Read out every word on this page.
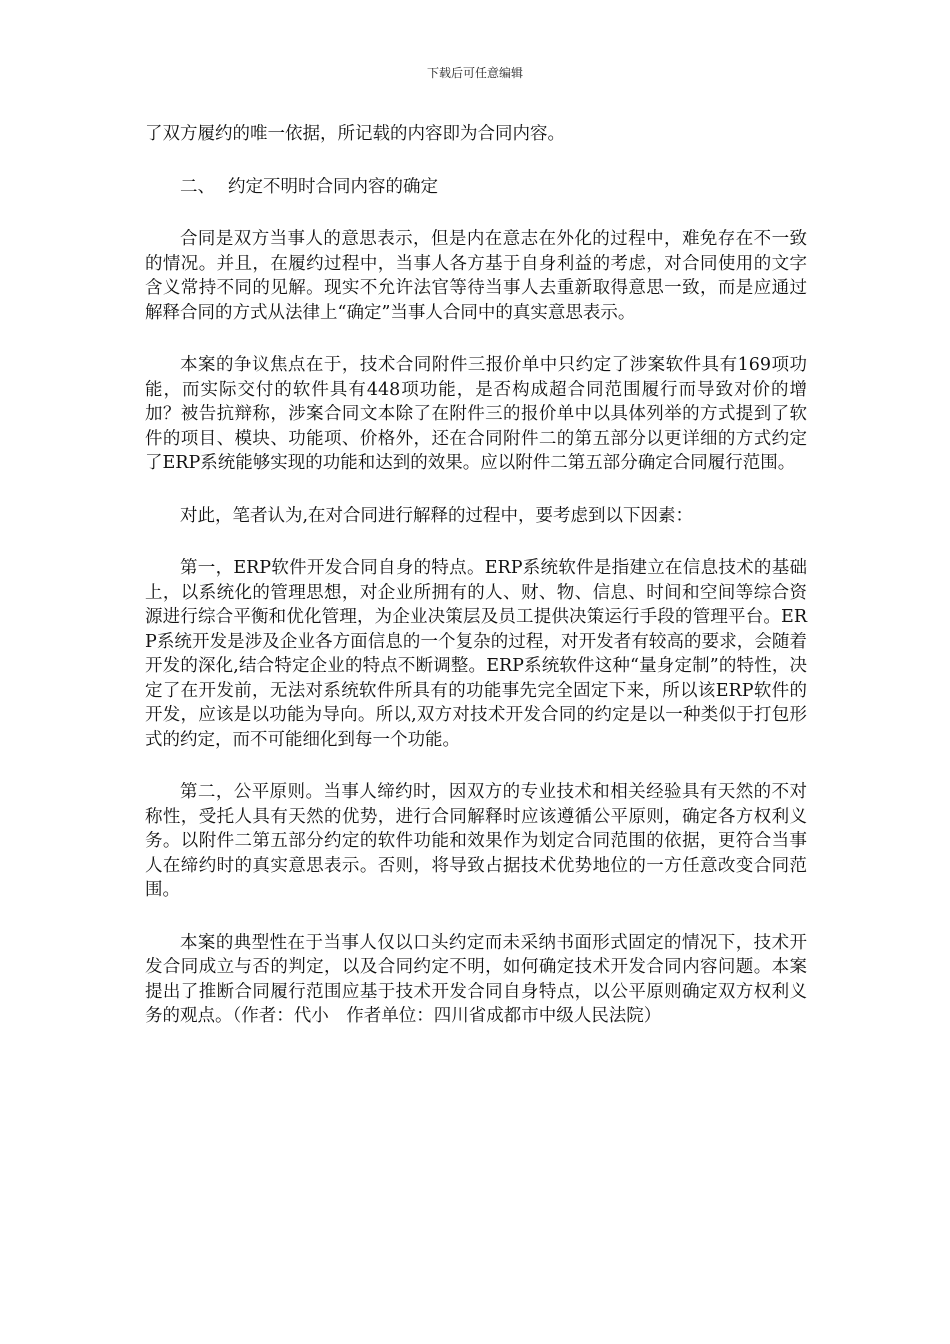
下载后可任意编辑

了双方履约的唯一依据，所记载的内容即为合同内容。

二、 约定不明时合同内容的确定

合同是双方当事人的意思表示，但是内在意志在外化的过程中，难免存在不一致的情况。并且，在履约过程中，当事人各方基于自身利益的考虑，对合同使用的文字含义常持不同的见解。现实不允许法官等待当事人去重新取得意思一致，而是应通过解释合同的方式从法律上“确定”当事人合同中的真实意思表示。

本案的争议焦点在于，技术合同附件三报价单中只约定了涉案软件具有169项功能，而实际交付的软件具有448项功能，是否构成超合同范围履行而导致对价的增加？被告抗辩称，涉案合同文本除了在附件三的报价单中以具体列举的方式提到了软件的项目、模块、功能项、价格外，还在合同附件二的第五部分以更详细的方式约定了ERP系统能够实现的功能和达到的效果。应以附件二第五部分确定合同履行范围。

对此，笔者认为,在对合同进行解释的过程中，要考虑到以下因素：

第一，ERP软件开发合同自身的特点。ERP系统软件是指建立在信息技术的基础上，以系统化的管理思想，对企业所拥有的人、财、物、信息、时间和空间等综合资源进行综合平衡和优化管理，为企业决策层及员工提供决策运行手段的管理平台。ERP系统开发是涉及企业各方面信息的一个复杂的过程，对开发者有较高的要求，会随着开发的深化,结合特定企业的特点不断调整。ERP系统软件这种“量身定制”的特性，决定了在开发前，无法对系统软件所具有的功能事先完全固定下来，所以该ERP软件的开发，应该是以功能为导向。所以,双方对技术开发合同的约定是以一种类似于打包形式的约定，而不可能细化到每一个功能。

第二，公平原则。当事人缔约时，因双方的专业技术和相关经验具有天然的不对称性，受托人具有天然的优势，进行合同解释时应该遵循公平原则，确定各方权利义务。以附件二第五部分约定的软件功能和效果作为划定合同范围的依据，更符合当事人在缔约时的真实意思表示。否则，将导致占据技术优势地位的一方任意改变合同范围。

本案的典型性在于当事人仅以口头约定而未采纳书面形式固定的情况下，技术开发合同成立与否的判定，以及合同约定不明，如何确定技术开发合同内容问题。本案提出了推断合同履行范围应基于技术开发合同自身特点，以公平原则确定双方权利义务的观点。（作者：代小　作者单位：四川省成都市中级人民法院）
